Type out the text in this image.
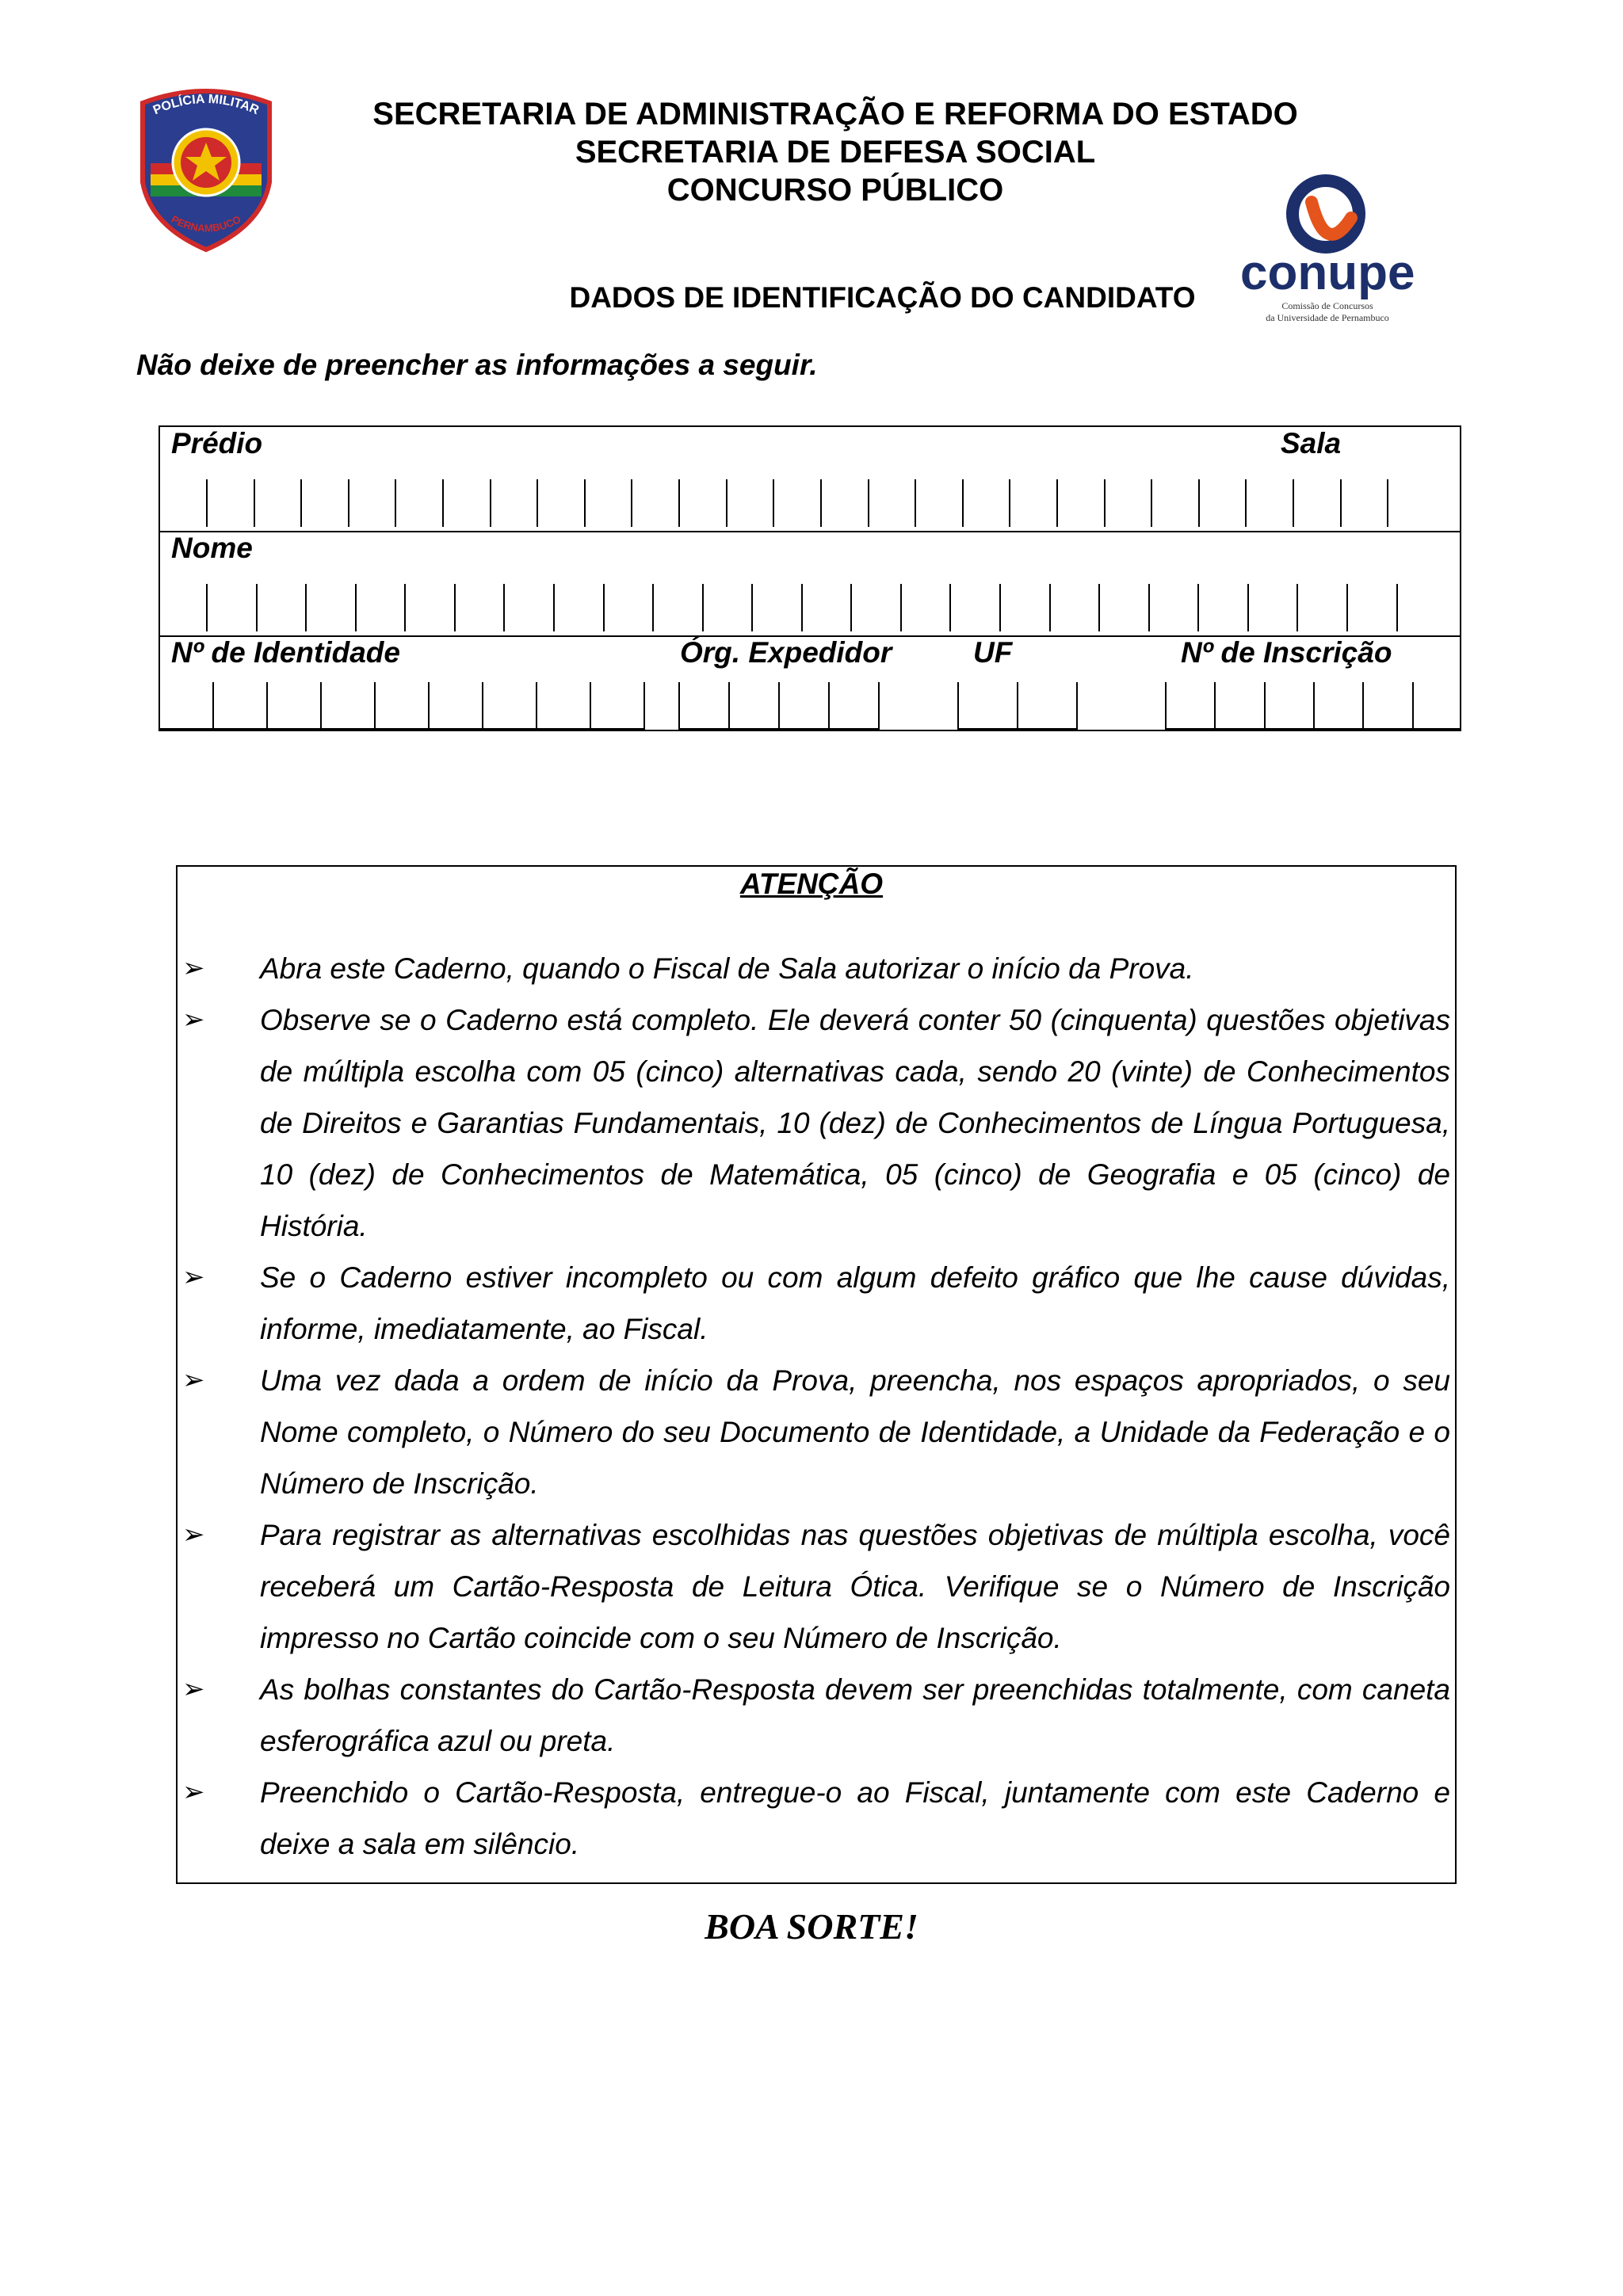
SECRETARIA DE ADMINISTRAÇÃO E REFORMA DO ESTADO
SECRETARIA DE DEFESA SOCIAL
CONCURSO PÚBLICO
POLÍCIA MILITAR
PERNAMBUCO
conupe
Comissão de Concursos
da Universidade de Pernambuco
DADOS DE IDENTIFICAÇÃO DO CANDIDATO
Não deixe de preencher as informações a seguir.
Prédio	Sala
Nome
Nº de Identidade	Órg. Expedidor	UF	Nº de Inscrição
ATENÇÃO
➢	Abra este Caderno, quando o Fiscal de Sala autorizar o início da Prova.
➢	Observe se o Caderno está completo. Ele deverá conter 50 (cinquenta) questões objetivas de múltipla escolha com 05 (cinco) alternativas cada, sendo 20 (vinte) de Conhecimentos de Direitos e Garantias Fundamentais, 10 (dez) de Conhecimentos de Língua Portuguesa, 10 (dez) de Conhecimentos de Matemática, 05 (cinco) de Geografia e 05 (cinco) de História.
➢	Se o Caderno estiver incompleto ou com algum defeito gráfico que lhe cause dúvidas, informe, imediatamente, ao Fiscal.
➢	Uma vez dada a ordem de início da Prova, preencha, nos espaços apropriados, o seu Nome completo, o Número do seu Documento de Identidade, a Unidade da Federação e o Número de Inscrição.
➢	Para registrar as alternativas escolhidas nas questões objetivas de múltipla escolha, você receberá um Cartão-Resposta de Leitura Ótica. Verifique se o Número de Inscrição impresso no Cartão coincide com o seu Número de Inscrição.
➢	As bolhas constantes do Cartão-Resposta devem ser preenchidas totalmente, com caneta esferográfica azul ou preta.
➢	Preenchido o Cartão-Resposta, entregue-o ao Fiscal, juntamente com este Caderno e deixe a sala em silêncio.
BOA SORTE!
